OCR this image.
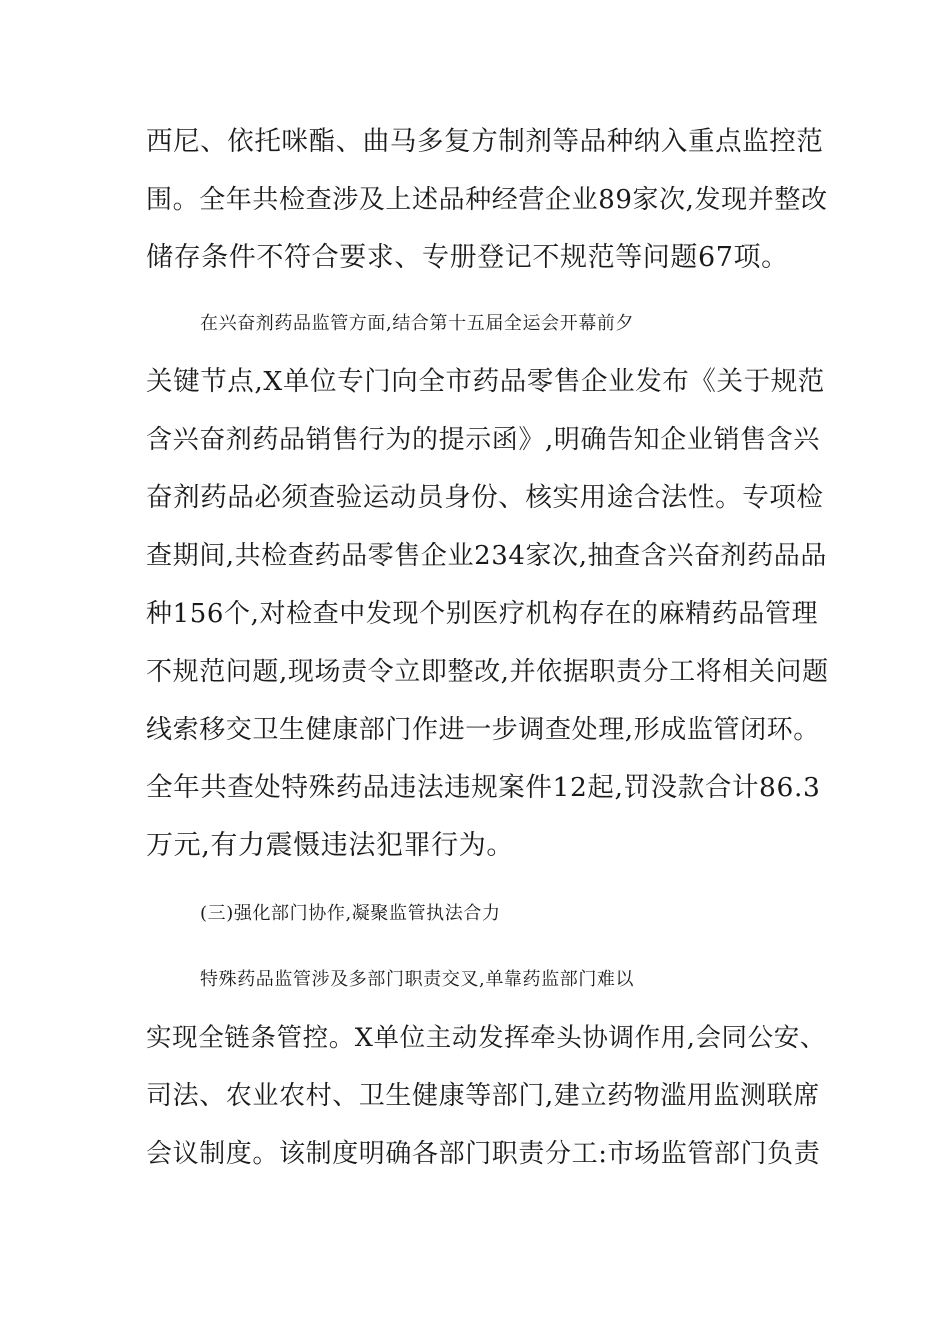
西尼、依托咪酯、曲马多复方制剂等品种纳入重点监控范
围。全年共检查涉及上述品种经营企业89家次,发现并整改
储存条件不符合要求、专册登记不规范等问题67项。
在兴奋剂药品监管方面,结合第十五届全运会开幕前夕
关键节点,X单位专门向全市药品零售企业发布《关于规范
含兴奋剂药品销售行为的提示函》,明确告知企业销售含兴
奋剂药品必须查验运动员身份、核实用途合法性。专项检
查期间,共检查药品零售企业234家次,抽查含兴奋剂药品品
种156个,对检查中发现个别医疗机构存在的麻精药品管理
不规范问题,现场责令立即整改,并依据职责分工将相关问题
线索移交卫生健康部门作进一步调查处理,形成监管闭环。
全年共查处特殊药品违法违规案件12起,罚没款合计86.3
万元,有力震慑违法犯罪行为。
(三)强化部门协作,凝聚监管执法合力
特殊药品监管涉及多部门职责交叉,单靠药监部门难以
实现全链条管控。X单位主动发挥牵头协调作用,会同公安、
司法、农业农村、卫生健康等部门,建立药物滥用监测联席
会议制度。该制度明确各部门职责分工:市场监管部门负责
